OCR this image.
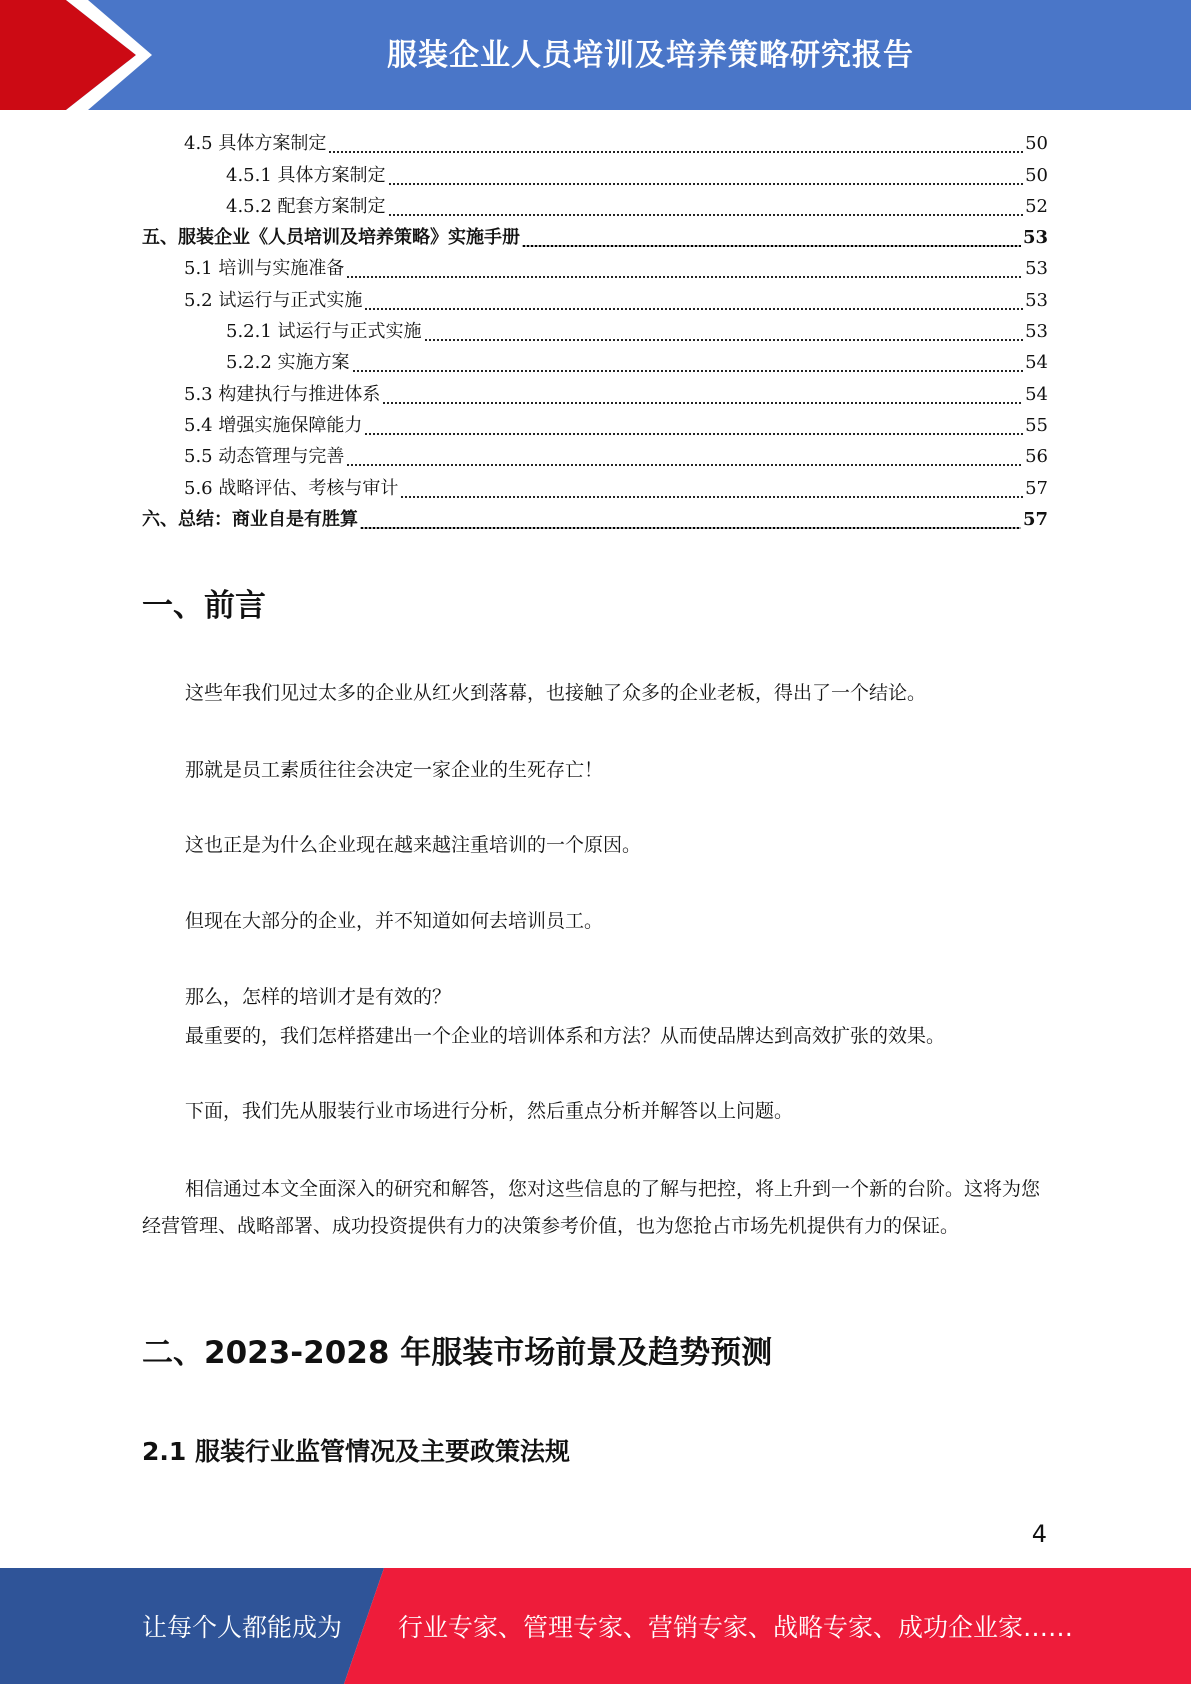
服装企业人员培训及培养策略研究报告
4.5 具体方案制定	50
4.5.1 具体方案制定	50
4.5.2 配套方案制定	52
五、服装企业《人员培训及培养策略》实施手册	53
5.1 培训与实施准备	53
5.2 试运行与正式实施	53
5.2.1 试运行与正式实施	53
5.2.2 实施方案	54
5.3 构建执行与推进体系	54
5.4 增强实施保障能力	55
5.5 动态管理与完善	56
5.6 战略评估、考核与审计	57
六、总结：商业自是有胜算	57
一、前言
这些年我们见过太多的企业从红火到落幕，也接触了众多的企业老板，得出了一个结论。
那就是员工素质往往会决定一家企业的生死存亡！
这也正是为什么企业现在越来越注重培训的一个原因。
但现在大部分的企业，并不知道如何去培训员工。
那么，怎样的培训才是有效的？
最重要的，我们怎样搭建出一个企业的培训体系和方法？从而使品牌达到高效扩张的效果。
下面，我们先从服装行业市场进行分析，然后重点分析并解答以上问题。
相信通过本文全面深入的研究和解答，您对这些信息的了解与把控，将上升到一个新的台阶。这将为您经营管理、战略部署、成功投资提供有力的决策参考价值，也为您抢占市场先机提供有力的保证。
二、2023-2028 年服装市场前景及趋势预测
2.1 服装行业监管情况及主要政策法规
4
让每个人都能成为 行业专家、管理专家、营销专家、战略专家、成功企业家……
